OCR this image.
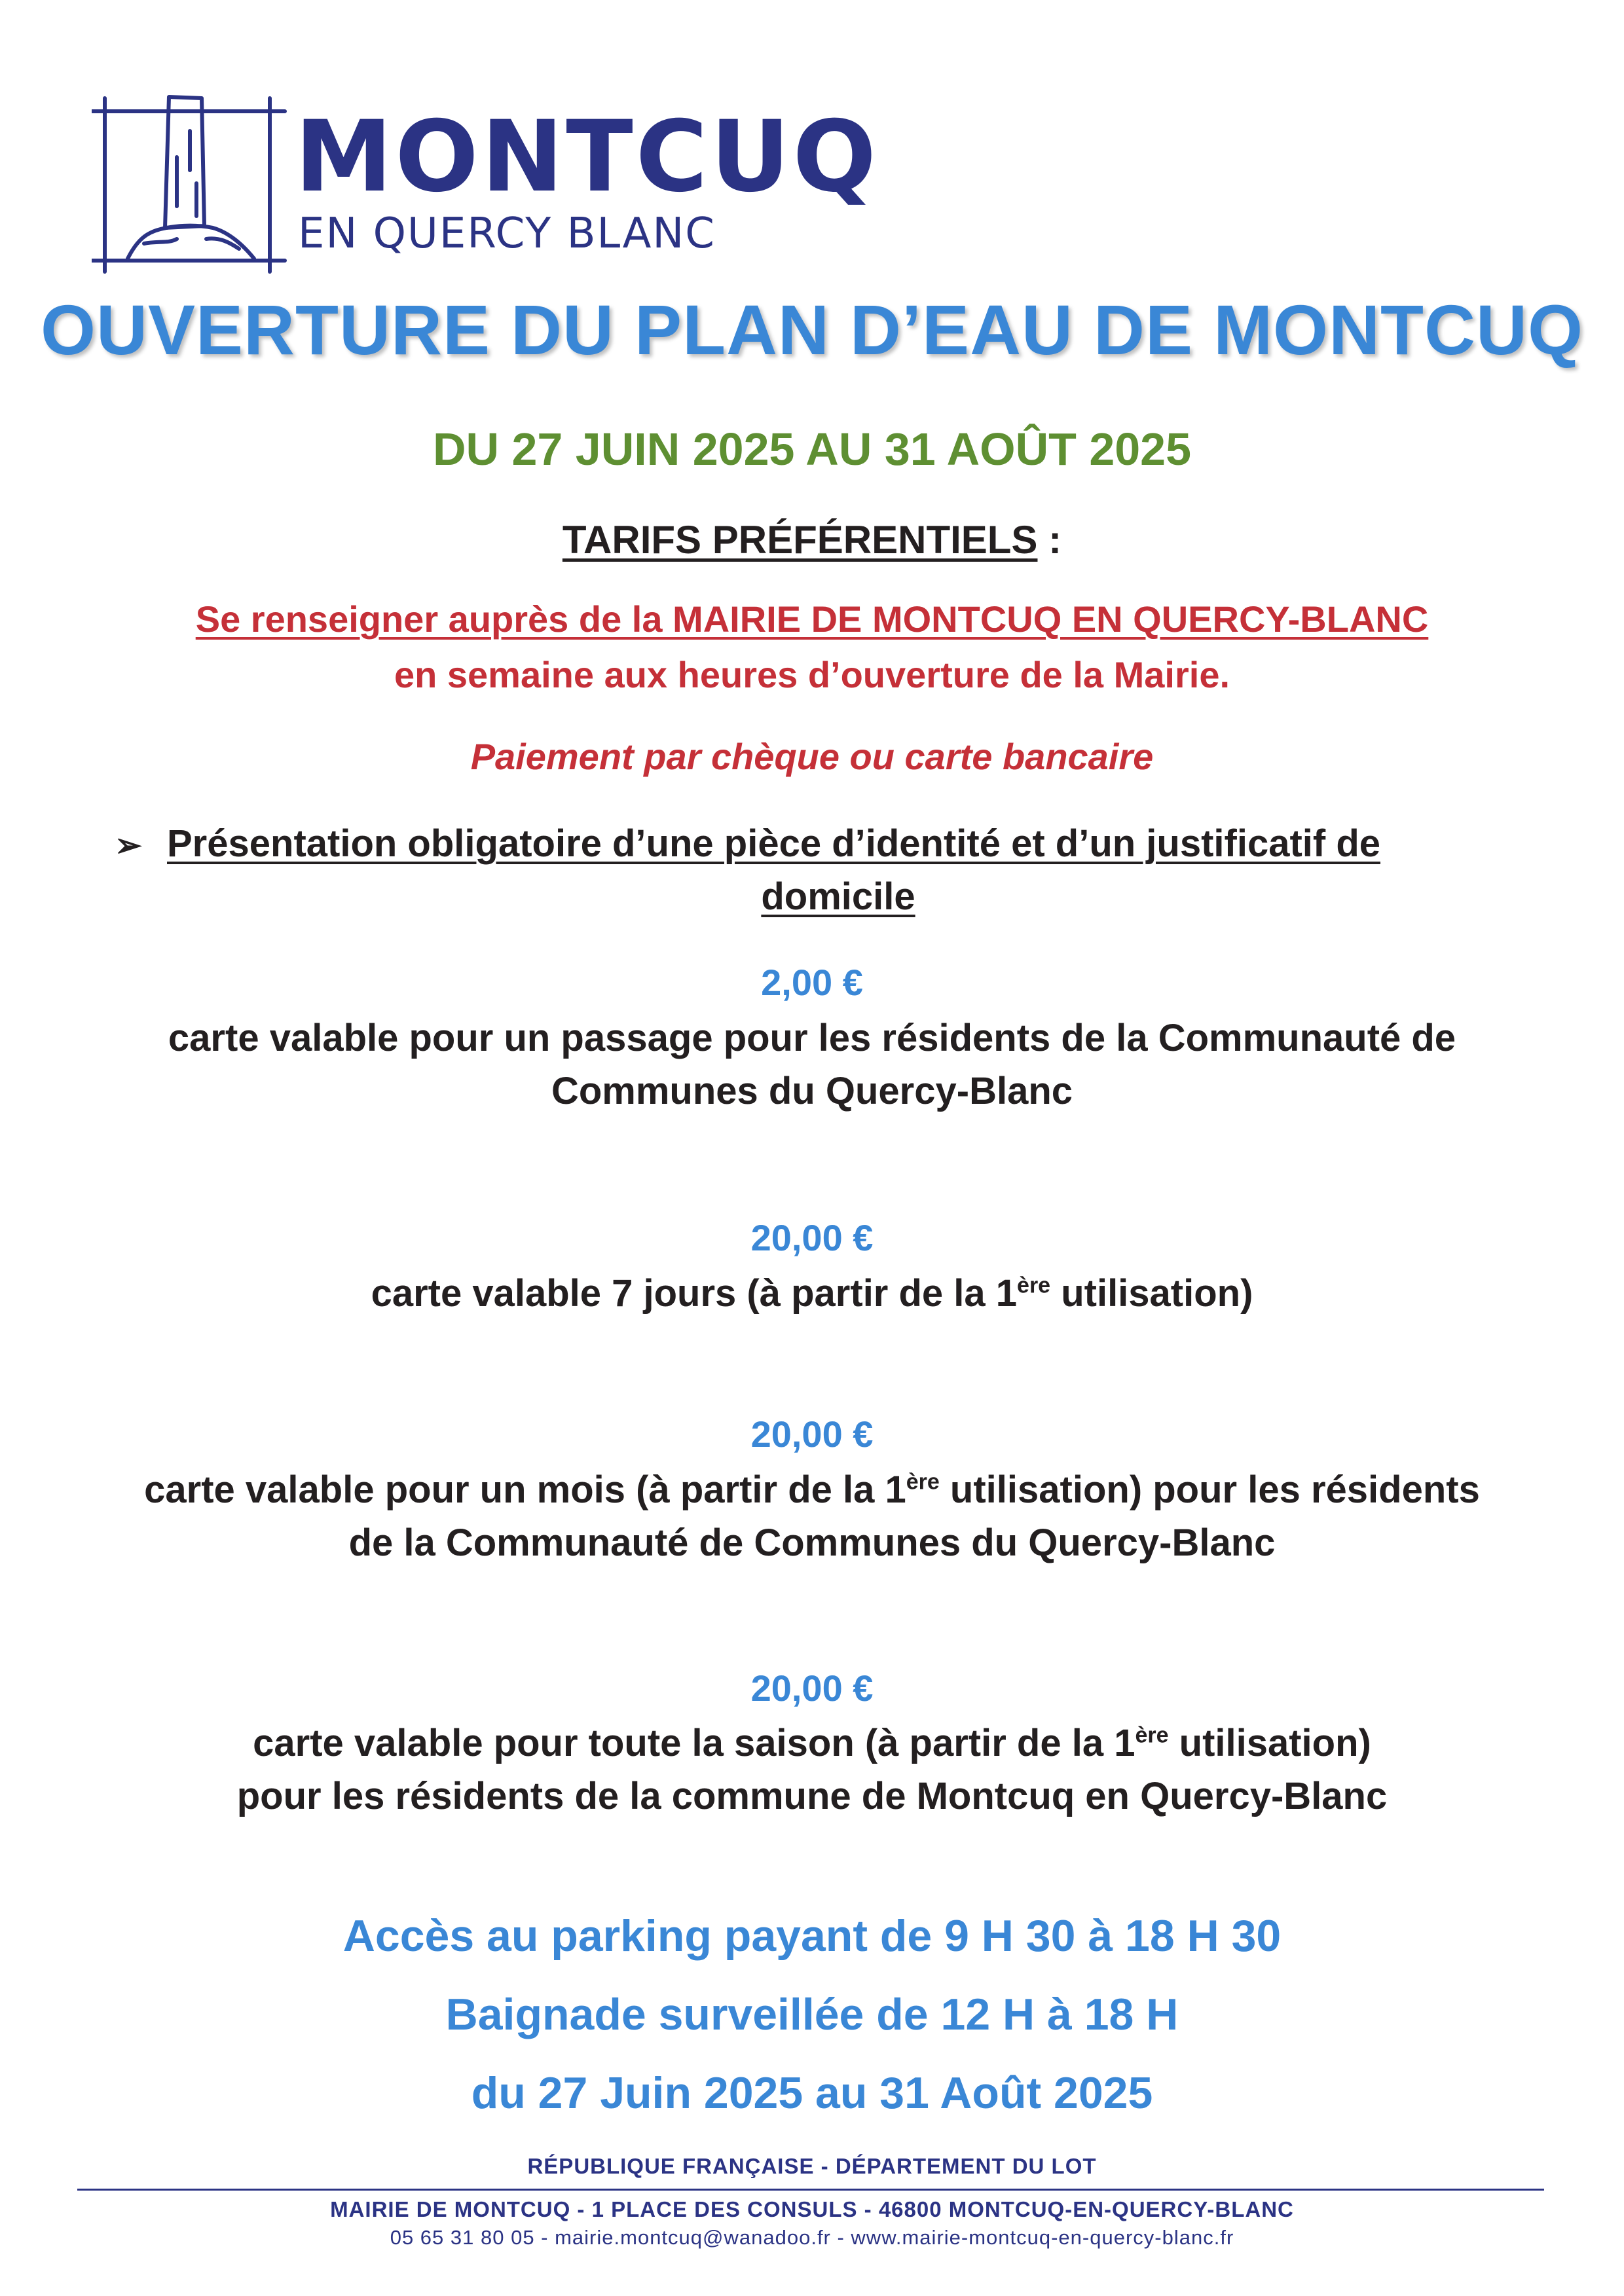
MONTCUQ
EN QUERCY BLANC
OUVERTURE DU PLAN D’EAU DE MONTCUQ
DU 27 JUIN 2025 AU 31 AOÛT 2025
TARIFS PRÉFÉRENTIELS :
Se renseigner auprès de la MAIRIE DE MONTCUQ EN QUERCY-BLANC
en semaine aux heures d’ouverture de la Mairie.
Paiement par chèque ou carte bancaire
➢ Présentation obligatoire d’une pièce d’identité et d’un justificatif de
domicile
2,00 €
carte valable pour un passage pour les résidents de la Communauté de
Communes du Quercy-Blanc
20,00 €
carte valable 7 jours (à partir de la 1ère utilisation)
20,00 €
carte valable pour un mois (à partir de la 1ère utilisation) pour les résidents
de la Communauté de Communes du Quercy-Blanc
20,00 €
carte valable pour toute la saison (à partir de la 1ère utilisation)
pour les résidents de la commune de Montcuq en Quercy-Blanc
Accès au parking payant de 9 H 30 à 18 H 30
Baignade surveillée de 12 H à 18 H
du 27 Juin 2025 au 31 Août 2025
RÉPUBLIQUE FRANÇAISE - DÉPARTEMENT DU LOT
MAIRIE DE MONTCUQ - 1 PLACE DES CONSULS - 46800 MONTCUQ-EN-QUERCY-BLANC
05 65 31 80 05 - mairie.montcuq@wanadoo.fr - www.mairie-montcuq-en-quercy-blanc.fr
